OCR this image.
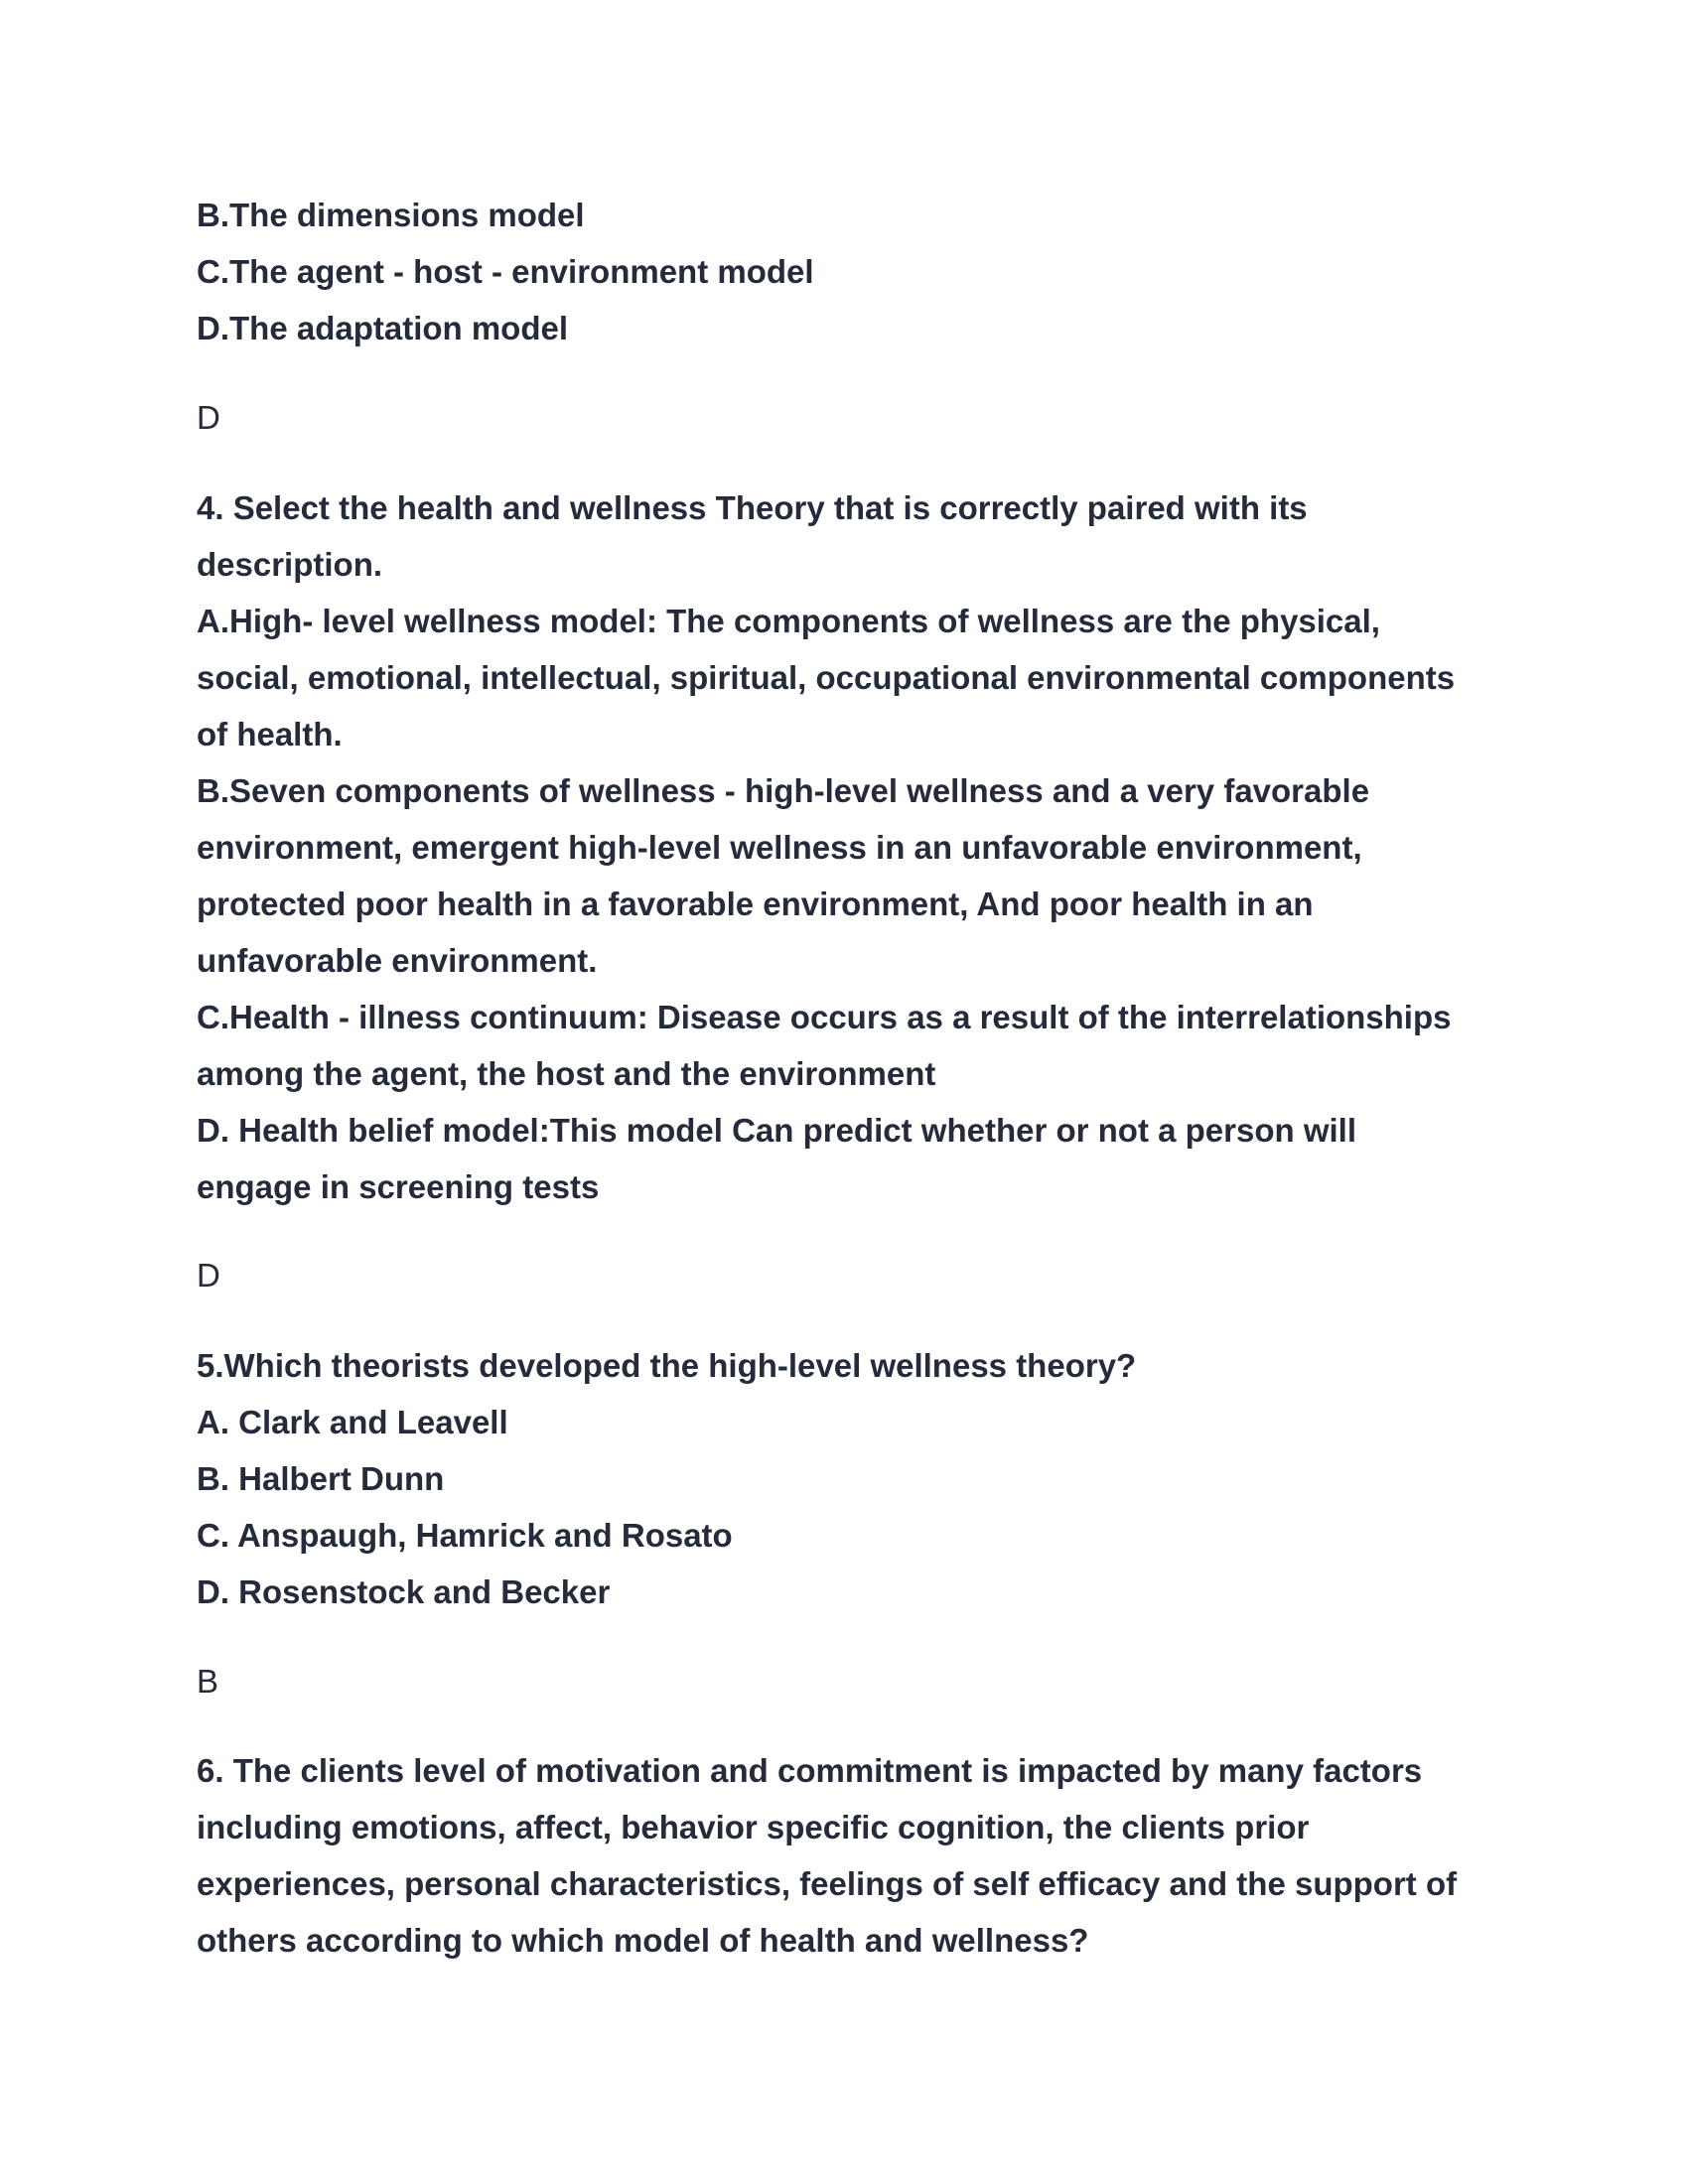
B.The dimensions model
C.The agent - host - environment model
D.The adaptation model
D
4. Select the health and wellness Theory that is correctly paired with its
description.
A.High- level wellness model: The components of wellness are the physical,
social, emotional, intellectual, spiritual, occupational environmental components
of health.
B.Seven components of wellness - high-level wellness and a very favorable
environment, emergent high-level wellness in an unfavorable environment,
protected poor health in a favorable environment, And poor health in an
unfavorable environment.
C.Health - illness continuum: Disease occurs as a result of the interrelationships
among the agent, the host and the environment
D. Health belief model:This model Can predict whether or not a person will
engage in screening tests
D
5.Which theorists developed the high-level wellness theory?
A. Clark and Leavell
B. Halbert Dunn
C. Anspaugh, Hamrick and Rosato
D. Rosenstock and Becker
B
6. The clients level of motivation and commitment is impacted by many factors
including emotions, affect, behavior specific cognition, the clients prior
experiences, personal characteristics, feelings of self efficacy and the support of
others according to which model of health and wellness?
